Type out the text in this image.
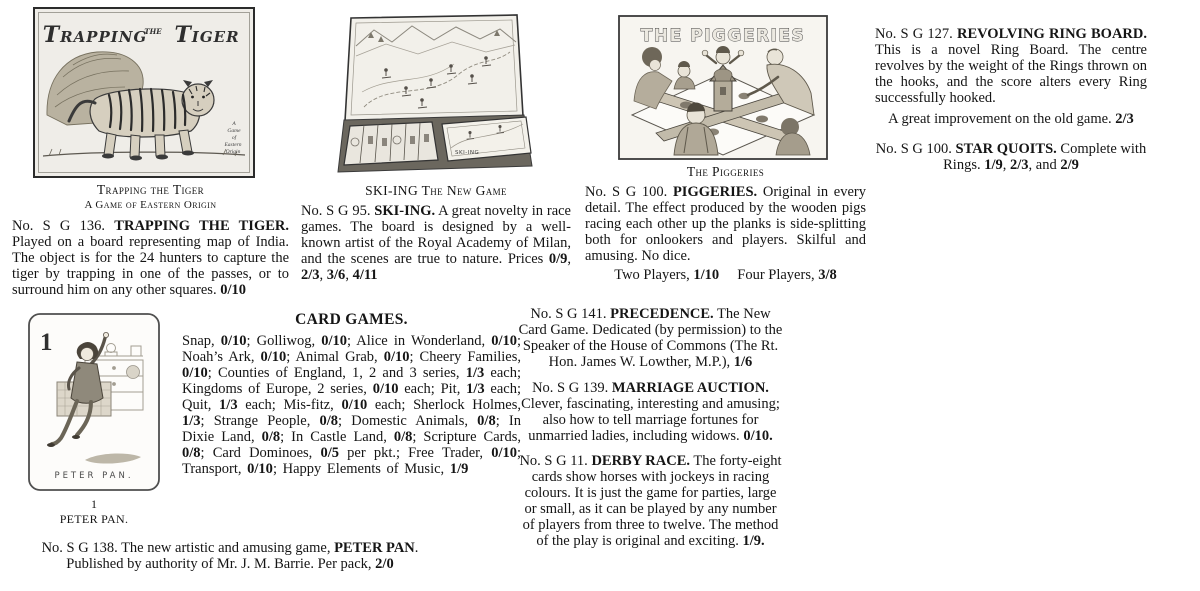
Trapping
the Tiger
A
Game
of
Eastern
Origin
Trapping the Tiger
A Game of Eastern Origin

No. S G 136. TRAPPING THE TIGER. Played on a board representing map of India. The object is for the 24 hunters to capture the tiger by trapping in one of the passes, or to surround him on any other squares. 0/10

SKI-ING
SKI-ING The New Game

No. S G 95. SKI-ING. A great novelty in race games. The board is designed by a well-known artist of the Royal Academy of Milan, and the scenes are true to nature. Prices 0/9, 2/3, 3/6, 4/11

THE PIGGERIES
The Piggeries

No. S G 100. PIGGERIES. Original in every detail. The effect produced by the wooden pigs racing each other up the planks is side-splitting both for onlookers and players. Skilful and amusing. No dice.

Two Players, 1/10  Four Players, 3/8

No. S G 127. REVOLVING RING BOARD. This is a novel Ring Board. The centre revolves by the weight of the Rings thrown on the hooks, and the score alters every Ring successfully hooked.

A great improvement on the old game. 2/3
No. S G 100. STAR QUOITS. Complete with Rings. 1/9, 2/3, and 2/9
1
PETER PAN.
1
PETER PAN.
CARD GAMES.

Snap, 0/10; Golliwog, 0/10; Alice in Wonderland, 0/10; Noah’s Ark, 0/10; Animal Grab, 0/10; Cheery Families, 0/10; Counties of England, 1, 2 and 3 series, 1/3 each; Kingdoms of Europe, 2 series, 0/10 each; Pit, 1/3 each; Quit, 1/3 each; Mis-fitz, 0/10 each; Sherlock Holmes, 1/3; Strange People, 0/8; Domestic Animals, 0/8; In Dixie Land, 0/8; In Castle Land, 0/8; Scripture Cards, 0/8; Card Dominoes, 0/5 per pkt.; Free Trader, 0/10; Transport, 0/10; Happy Elements of Music, 1/9

No. S G 141. PRECEDENCE. The New Card Game. Dedicated (by permission) to the Speaker of the House of Commons (The Rt. Hon. James W. Lowther, M.P.), 1/6

No. S G 139. MARRIAGE AUCTION. Clever, fascinating, interesting and amusing; also how to tell marriage fortunes for unmarried ladies, including widows. 0/10.

No. S G 11. DERBY RACE. The forty-eight cards show horses with jockeys in racing colours. It is just the game for parties, large or small, as it can be played by any number of players from three to twelve. The method of the play is original and exciting. 1/9.

No. S G 138. The new artistic and amusing game, PETER PAN. Published by authority of Mr. J. M. Barrie. Per pack, 2/0
